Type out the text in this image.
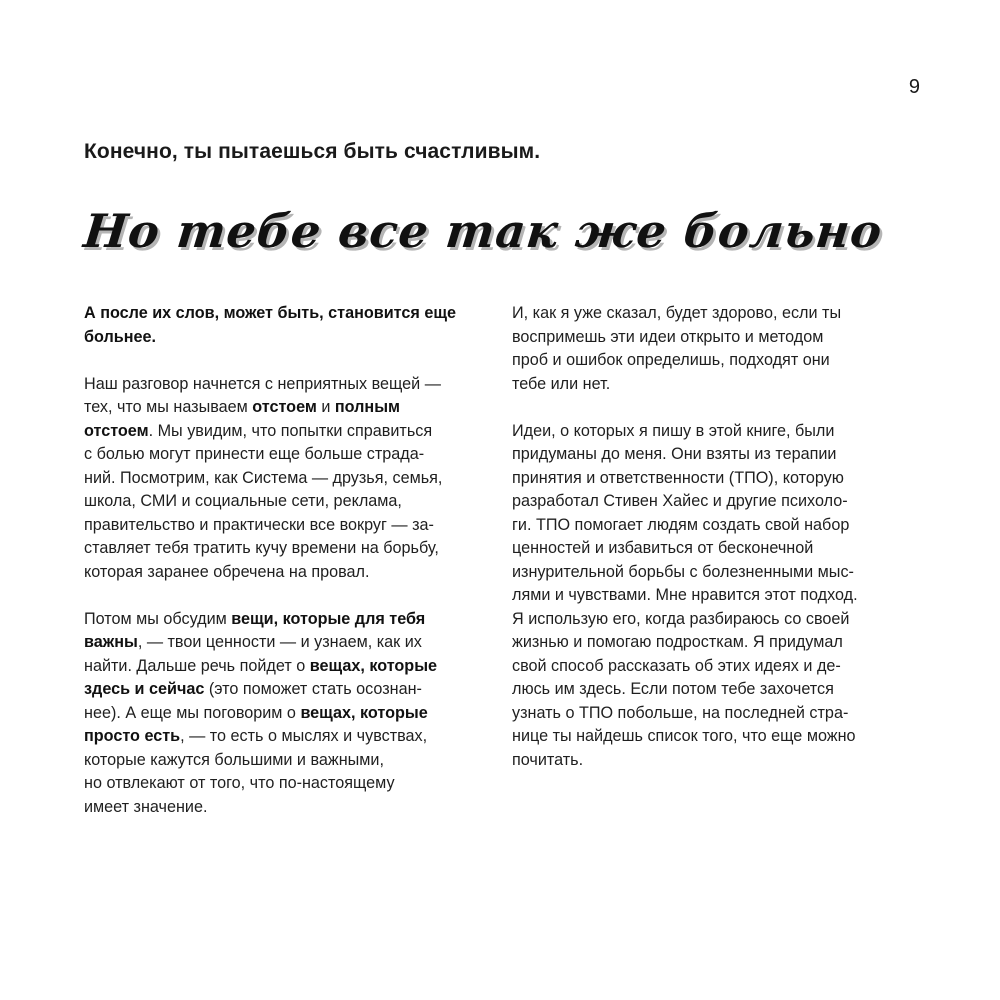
9
Конечно, ты пытаешься быть счастливым.
Но тебе все так же больно

А после их слов, может быть, становится еще
больнее.

Наш разговор начнется с неприятных вещей —
тех, что мы называем отстоем и полным
отстоем. Мы увидим, что попытки справиться
с болью могут принести еще больше страда-
ний. Посмотрим, как Система — друзья, семья,
школа, СМИ и социальные сети, реклама,
правительство и практически все вокруг — за-
ставляет тебя тратить кучу времени на борьбу,
которая заранее обречена на провал.

Потом мы обсудим вещи, которые для тебя
важны, — твои ценности — и узнаем, как их
найти. Дальше речь пойдет о вещах, которые
здесь и сейчас (это поможет стать осознан-
нее). А еще мы поговорим о вещах, которые
просто есть, — то есть о мыслях и чувствах,
которые кажутся большими и важными,
но отвлекают от того, что по-настоящему
имеет значение.

И, как я уже сказал, будет здорово, если ты
воспримешь эти идеи открыто и методом
проб и ошибок определишь, подходят они
тебе или нет.

Идеи, о которых я пишу в этой книге, были
придуманы до меня. Они взяты из терапии
принятия и ответственности (ТПО), которую
разработал Стивен Хайес и другие психоло-
ги. ТПО помогает людям создать свой набор
ценностей и избавиться от бесконечной
изнурительной борьбы с болезненными мыс-
лями и чувствами. Мне нравится этот подход.
Я использую его, когда разбираюсь со своей
жизнью и помогаю подросткам. Я придумал
свой способ рассказать об этих идеях и де-
люсь им здесь. Если потом тебе захочется
узнать о ТПО побольше, на последней стра-
нице ты найдешь список того, что еще можно
почитать.
